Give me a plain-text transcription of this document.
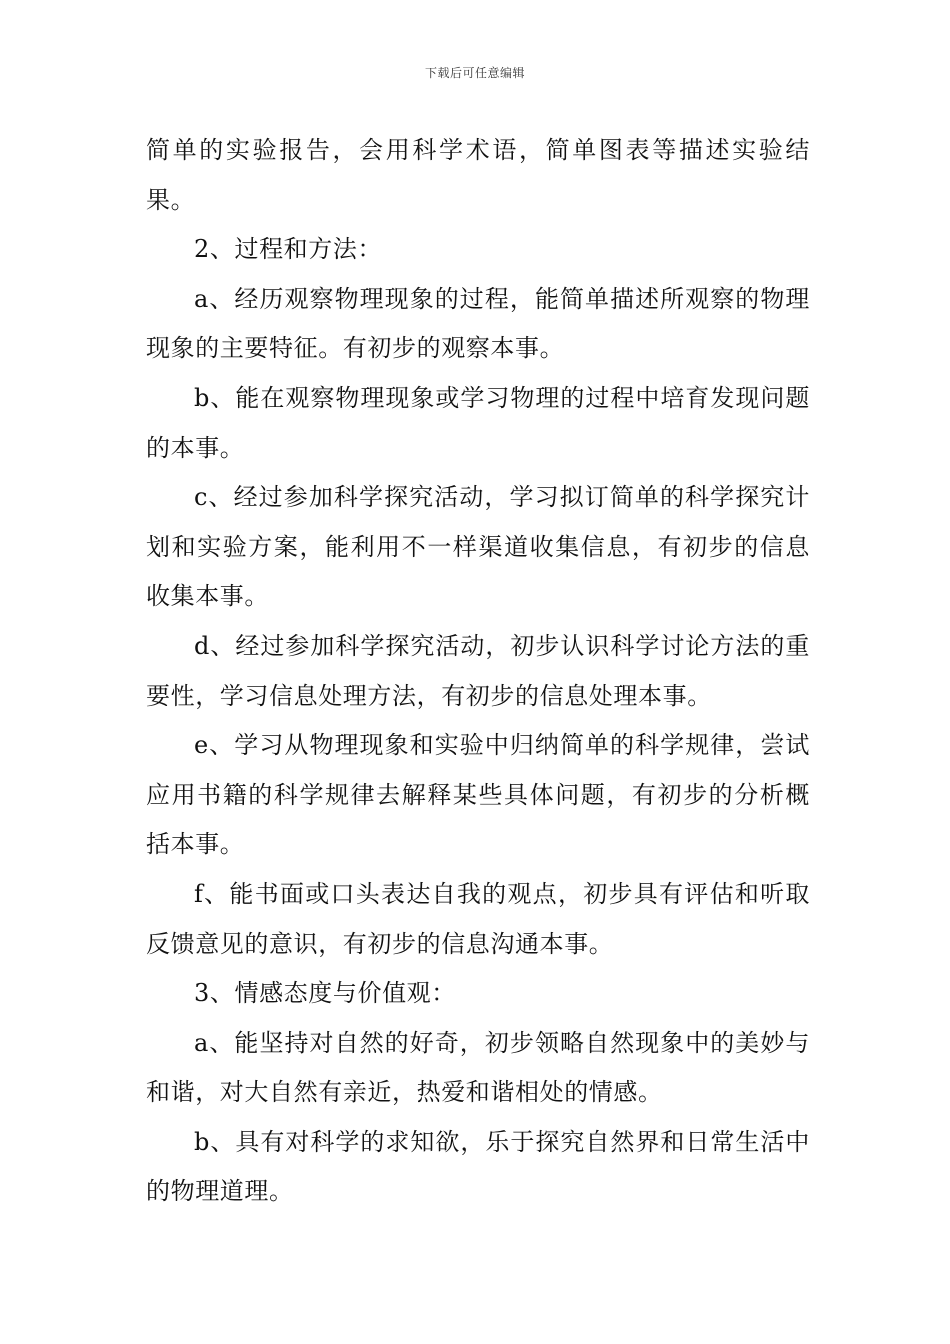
下载后可任意编辑

简单的实验报告，会用科学术语，简单图表等描述实验结果。

2、过程和方法：

a、经历观察物理现象的过程，能简单描述所观察的物理现象的主要特征。有初步的观察本事。

b、能在观察物理现象或学习物理的过程中培育发现问题的本事。

c、经过参加科学探究活动，学习拟订简单的科学探究计划和实验方案，能利用不一样渠道收集信息，有初步的信息收集本事。

d、经过参加科学探究活动，初步认识科学讨论方法的重要性，学习信息处理方法，有初步的信息处理本事。

e、学习从物理现象和实验中归纳简单的科学规律，尝试应用书籍的科学规律去解释某些具体问题，有初步的分析概括本事。

f、能书面或口头表达自我的观点，初步具有评估和听取反馈意见的意识，有初步的信息沟通本事。

3、情感态度与价值观：

a、能坚持对自然的好奇，初步领略自然现象中的美妙与和谐，对大自然有亲近，热爱和谐相处的情感。

b、具有对科学的求知欲，乐于探究自然界和日常生活中的物理道理。
